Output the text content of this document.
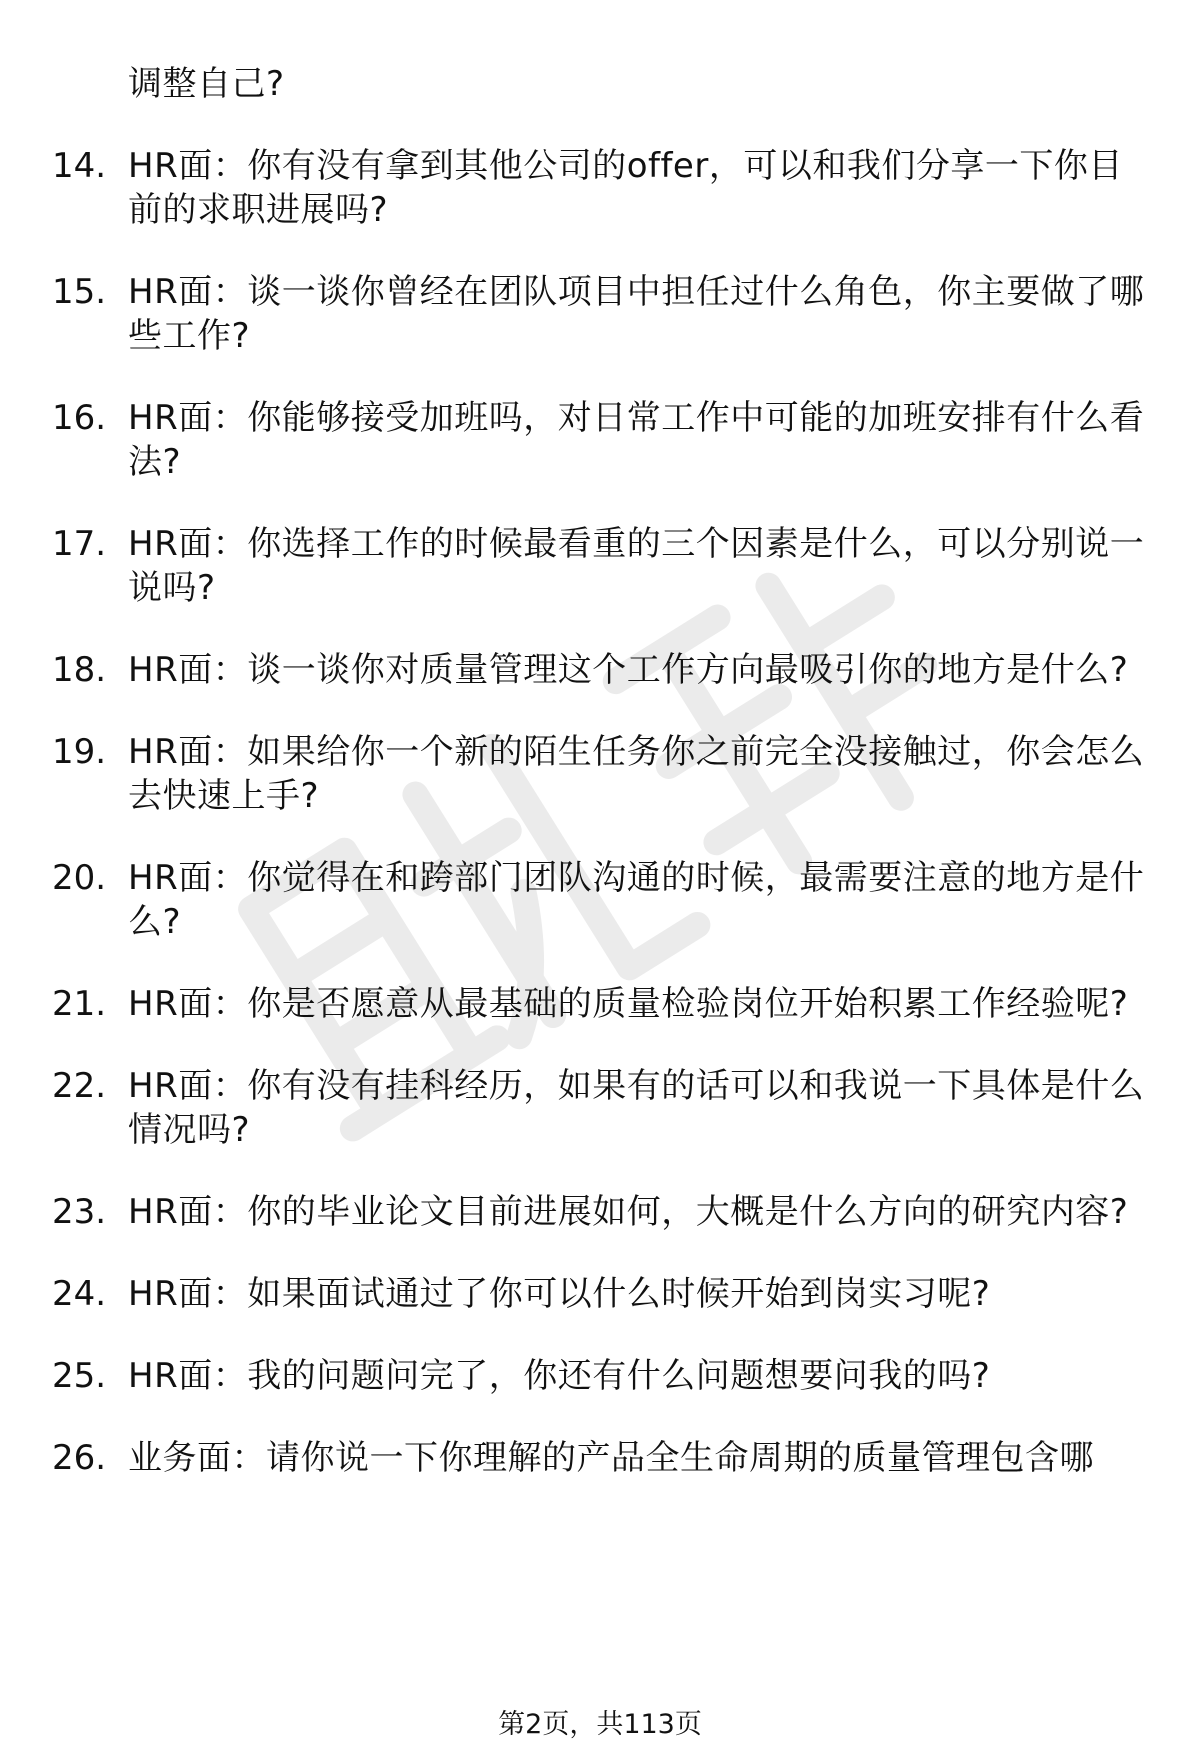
调整自己?
14. HR面：你有没有拿到其他公司的offer，可以和我们分享一下你目前的求职进展吗?
15. HR面：谈一谈你曾经在团队项目中担任过什么角色，你主要做了哪些工作?
16. HR面：你能够接受加班吗，对日常工作中可能的加班安排有什么看法?
17. HR面：你选择工作的时候最看重的三个因素是什么，可以分别说一说吗?
18. HR面：谈一谈你对质量管理这个工作方向最吸引你的地方是什么?
19. HR面：如果给你一个新的陌生任务你之前完全没接触过，你会怎么去快速上手?
20. HR面：你觉得在和跨部门团队沟通的时候，最需要注意的地方是什么?
21. HR面：你是否愿意从最基础的质量检验岗位开始积累工作经验呢?
22. HR面：你有没有挂科经历，如果有的话可以和我说一下具体是什么情况吗?
23. HR面：你的毕业论文目前进展如何，大概是什么方向的研究内容?
24. HR面：如果面试通过了你可以什么时候开始到岗实习呢?
25. HR面：我的问题问完了，你还有什么问题想要问我的吗?
26. 业务面：请你说一下你理解的产品全生命周期的质量管理包含哪
第2页，共113页
